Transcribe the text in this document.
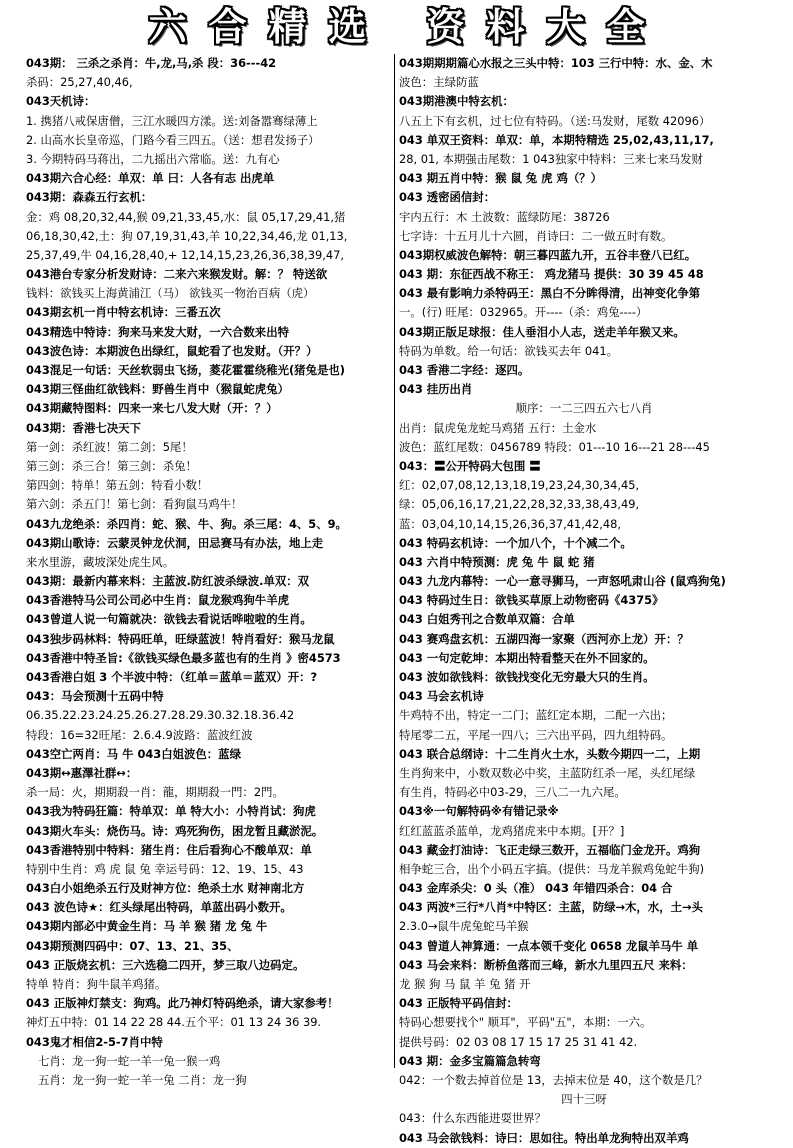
六 合 精 选 资 料 大 全
043期： 三杀之杀肖：牛,龙,马,杀 段：36---42
杀码：25,27,40,46,
043天机诗：
1. 携猪八戒保唐僧，三江水暖四方漾。送:刘备嚣骞绿薄上
2. 山高水长皇帝巡，门路今看三四五。（送：想君发扬子）
3. 今期特码马蒋出，二九摇出六常临。送：九有心
043期六合心经：单双：单 曰：人各有志 出虎单
043期：森森五行玄机：
金：鸡 08,20,32,44,猴 09,21,33,45,水：鼠 05,17,29,41,猪
06,18,30,42,土：狗 07,19,31,43,羊 10,22,34,46,龙 01,13,
25,37,49,牛 04,16,28,40,+ 12,14,15,23,26,36,38,39,47,
043港台专家分析发财诗：二来六来猴发财。解：？ 特送欲
钱料：欲钱买上海黄浦江（马） 欲钱买一物治百病（虎）
043期玄机一肖中特玄机诗：三番五次
043精选中特诗：狗来马来发大财，一六合数来出特
043波色诗：本期波色出绿红，鼠蛇看了也发财。（开？）
043混足一句话：天丝软弱虫飞扬，菱花霍霍绕稚光(猪兔是也)
043期三怪曲红欲钱料：野兽生肖中（猴鼠蛇虎兔）
043期藏特图料：四来一来七八发大财（开：？）
043期：香港七决天下
第一剑：杀红波！第二剑：5尾！
第三剑：杀三合！第三剑：杀兔！
第四剑：特单！第五剑：特看小数！
第六剑：杀五门！第七剑：看狗鼠马鸡牛！
043九龙绝杀：杀四肖：蛇、猴、牛、狗。杀三尾：4、5、9。
043期山歌诗：云蒙灵钟龙伏洞，田忌赛马有办法，地上走
来水里游，藏坡深处虎生风。
043期：最新内幕来料：主蓝波.防红波杀绿波.单双：双
043香港特马公司公司必中生肖：鼠龙猴鸡狗牛羊虎
043曾道人说一句篇就决：欲钱去看说话哗啦啦的生肖。
043独步码林料：特码旺单，旺绿蓝波！特肖看好：猴马龙鼠
043香港中特圣旨:《欲钱买绿色最多蓝也有的生肖 》密4573
043香港白姐 3 个半波中特：（红单＝蓝单＝蓝双）开：?
043：马会预测十五码中特
06.35.22.23.24.25.26.27.28.29.30.32.18.36.42
特段：16=32旺尾：2.6.4.9波路：蓝波红波
043空亡两肖：马 牛 043白姐波色：蓝绿
043期↔惠澤社群↔：
杀一局：火，期期殺一肖：龍，期期殺一門：2門。
043我为特码狂篇：特单双：单 特大小：小特肖试：狗虎
043期火车头：烧伤马。诗：鸡死狗伤，困龙暂且藏淤泥。
043香港特别中特料：猪生肖：住后看狗心不酸单双：单
特别中生肖：鸡 虎 鼠 兔 幸运号码：12、19、15、43
043白小姐绝杀五行及财神方位：绝杀土水 财神南北方
043 波色诗★：红头绿尾出特码，单蓝出码小数开。
043期内部必中黄金生肖：马 羊 猴 猪 龙 兔 牛
043期预测四码中：07、13、21、35、
043 正版烧玄机：三六选稳二四开，梦三取八边码定。
特单 特肖：狗牛鼠羊鸡猪。
043 正版神灯禁支：狗鸡。此乃神灯特码绝杀，请大家参考！
神灯五中特：01 14 22 28 44.五个平：01 13 24 36 39.
043鬼才相信2-5-7肖中特
七肖：龙一狗一蛇一羊一兔一猴一鸡
五肖：龙一狗一蛇一羊一兔 二肖：龙一狗
043期期期篇心水报之三头中特：103 三行中特：水、金、木
波色：主绿防蓝
043期港澳中特玄机：
八五上下有玄机，过七位有特码。（送:马发财，尾数 42096）
043 单双王资料：单双：单，本期特精选 25,02,43,11,17,
28, 01, 本期强击尾数：1 043独家中特料：三来七来马发财
043 期五肖中特：猴 鼠 兔 虎 鸡（？）
043 透密函信封：
宇内五行：木 土波数：蓝绿防尾：38726
七字诗：十五月儿十六圆，肖诗曰：二一做五时有数。
043期权威波色解特：朝三暮四蓝九开，五谷丰登八已红。
043 期：东征西战不称王： 鸡龙猪马 提供：30 39 45 48
043 最有影响力杀特码王：黑白不分眸得清，出神变化争第
一。(行) 旺尾：032965。开----（杀：鸡兔----）
043期正版足球报：佳人垂泪小人志，送走羊年猴又来。
特码为单数。给一句话：欲钱买去年 041。
043 香港二字经：逐四。
043 挂历出肖
顺序：一二三四五六七八肖
出肖：鼠虎兔龙蛇马鸡猪 五行：土金水
波色：蓝红尾数：0456789 特段：01---10 16---21 28---45
043：〓公开特码大包围 〓
红：02,07,08,12,13,18,19,23,24,30,34,45,
绿：05,06,16,17,21,22,28,32,33,38,43,49,
蓝：03,04,10,14,15,26,36,37,41,42,48,
043 特码玄机诗：一个加八个，十个减二个。
043 六肖中特预测：虎 兔 牛 鼠 蛇 猪
043 九龙内幕特：一心一意寻狮马，一声怒吼肃山谷 (鼠鸡狗兔)
043 特码过生日：欲钱买草原上动物密码《4375》
043 白姐秀刊之合数单双篇：合单
043 赛鸡盘玄机：五湖四海一家聚（西河亦上龙）开：？
043 一句定乾坤：本期出特看整天在外不回家的。
043 波如欲钱料：欲钱找变化无穷最大只的生肖。
043 马会玄机诗
牛鸡特不出，特定一二门；蓝红定本期，二配一六出；
特尾零二五，平尾一四八；三六出平码，四九组特码。
043 联合总纲诗：十二生肖火土水，头数今期四一二，上期
生肖狗来中，小数双数必中奖，主蓝防红杀一尾，头红尾绿
有生肖，特码必中03-29，三八二一九六尾。
043※一句解特码※有错记录※
红红蓝蓝杀蓝单，龙鸡猪虎来中本期。[开？]
043 藏金打油诗：飞正走绿三数开，五福临门金龙开。鸡狗
相争蛇三合，出个小码五字搞。(提供：马龙羊猴鸡兔蛇牛狗)
043 金库杀尖：0 头（准） 043 年错四杀合：04 合
043 两波*三行*八肖*中特区：主蓝，防绿→木，水，土→头
2.3.0→鼠牛虎兔蛇马羊猴
043 曾道人神算通：一点本领千变化 0658 龙鼠羊马牛 单
043 马会来料：断桥鱼落而三峰，新水九里四五尺 来料：
龙 猴 狗 马 鼠 羊 兔 猪 开
043 正版特平码信封：
特码心想要找个" 顺耳"，平码"五"，本期：一六。
提供号码：02 03 08 17 15 17 25 31 41 42.
043 期：金多宝篇篇急转弯
042：一个数去掉首位是 13，去掉末位是 40，这个数是几？
四十三呀
043：什么东西能进耍世界？
043 马会欲钱料：诗曰：思如往。特出单龙狗特出双羊鸡
